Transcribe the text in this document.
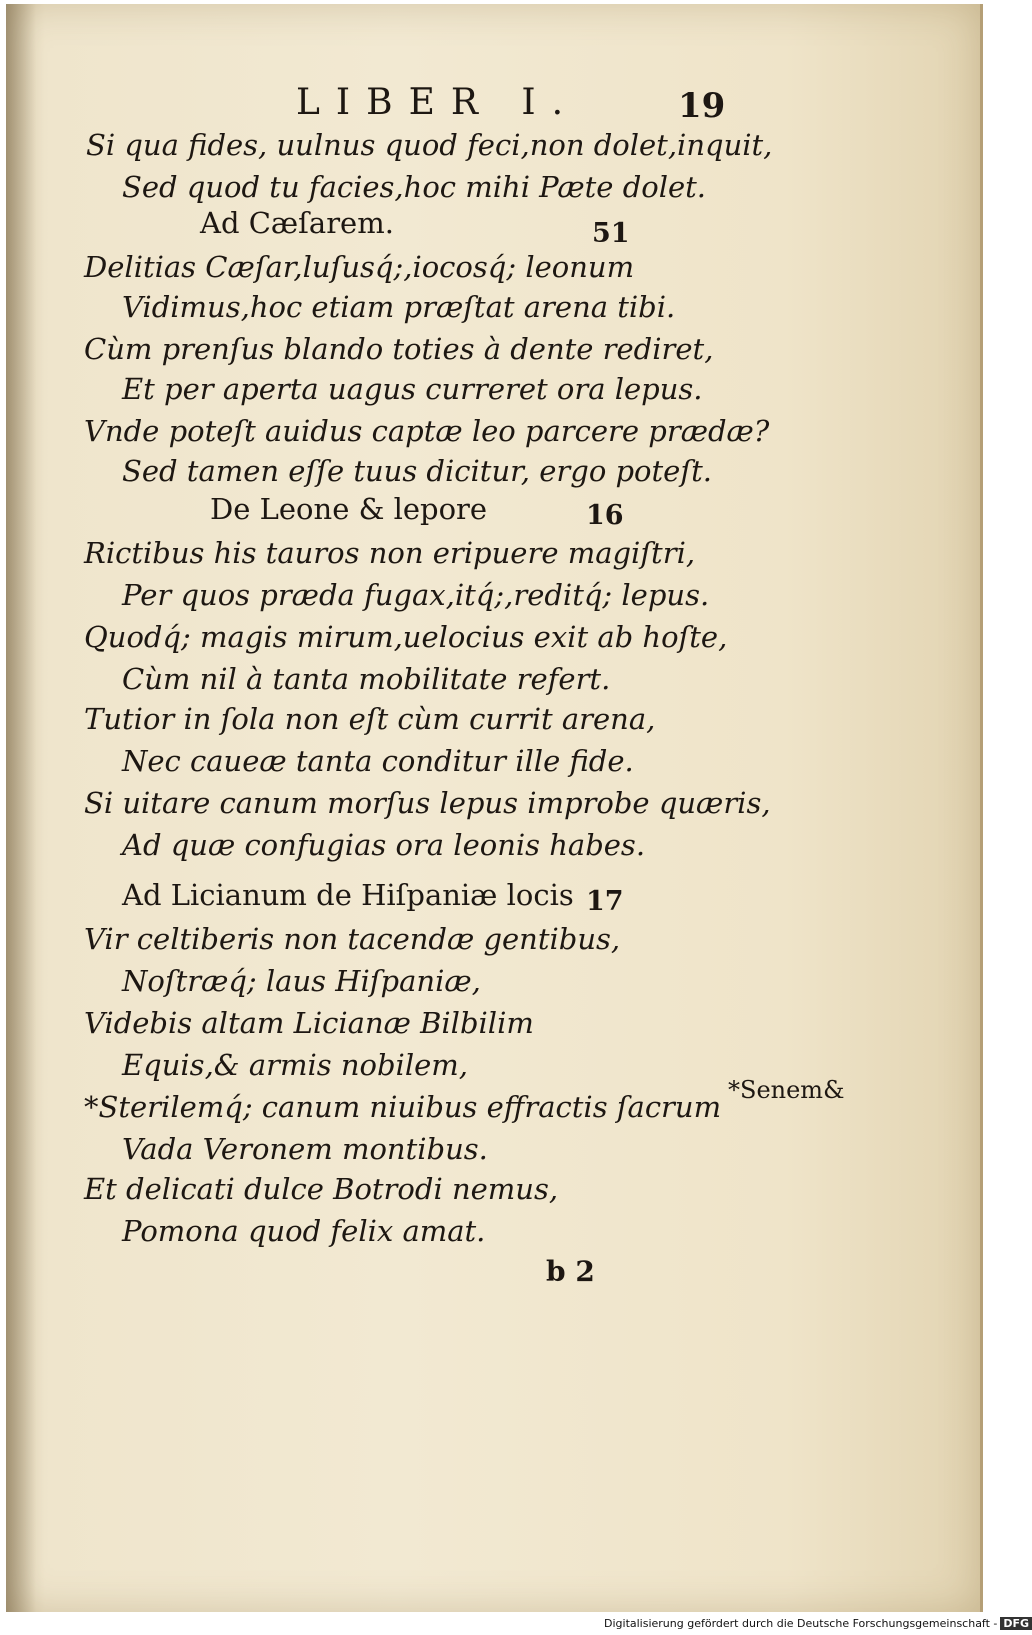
LIBER I.	19
Si qua fides, uulnus quod feci,non dolet,inquit,
Sed quod tu facies,hoc mihi Pæte dolet.
Ad Cæſarem.	51
Delitias Cæſar,luſusq́;,iocosq́; leonum
Vidimus,hoc etiam præſtat arena tibi.
Cùm prenſus blando toties à dente rediret,
Et per aperta uagus curreret ora lepus.
Vnde poteſt auidus captæ leo parcere prædæ?
Sed tamen eſſe tuus dicitur, ergo poteſt.
De Leone & lepore	16
Rictibus his tauros non eripuere magiſtri,
Per quos præda fugax,itq́;,reditq́; lepus.
Quodq́; magis mirum,uelocius exit ab hoſte,
Cùm nil à tanta mobilitate refert.
Tutior in ſola non eſt cùm currit arena,
Nec caueæ tanta conditur ille fide.
Si uitare canum morſus lepus improbe quæris,
Ad quæ confugias ora leonis habes.
Ad Licianum de Hiſpaniæ locis 17
Vir celtiberis non tacendæ gentibus,
Noſtræq́; laus Hiſpaniæ,
Videbis altam Licianæ Bilbilim
Equis,& armis nobilem,
*Sterilemq́; canum niuibus effractis ſacrum
Vada Veronem montibus.
Et delicati dulce Botrodi nemus,
Pomona quod felix amat.
*Senem&
b 2
Digitalisierung gefördert durch die Deutsche Forschungsgemeinschaft - DFG
